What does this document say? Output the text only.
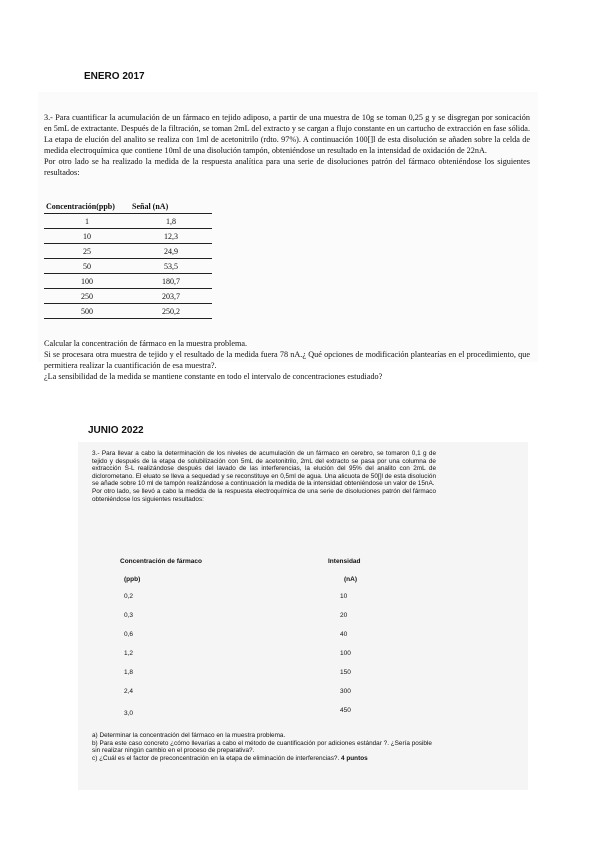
ENERO 2017

3.- Para cuantificar la acumulación de un fármaco en tejido adiposo, a partir de una muestra de 10g se toman 0,25 g y se disgregan por sonicación en 5mL de extractante. Después de la filtración, se toman 2mL del extracto y se cargan a flujo constante en un cartucho de extracción en fase sólida. La etapa de elución del analito se realiza con 1ml de acetonitrilo (rdto. 97%). A continuación 100[]l de esta disolución se añaden sobre la celda de medida electroquímica que contiene 10ml de una disolución tampón, obteniéndose un resultado en la intensidad de oxidación de 22nA.

Por otro lado se ha realizado la medida de la respuesta analítica para una serie de disoluciones patrón del fármaco obteniéndose los siguientes resultados:

Concentración(ppb)	Señal (nA)
1	1,8
10	12,3
25	24,9
50	53,5
100	180,7
250	203,7
500	250,2

Calcular la concentración de fármaco en la muestra problema.

Si se procesara otra muestra de tejido y el resultado de la medida fuera 78 nA.¿ Qué opciones de modificación plantearías en el procedimiento, que permitiera realizar la cuantificación de esa muestra?.

¿La sensibilidad de la medida se mantiene constante en todo el intervalo de concentraciones estudiado?

JUNIO 2022

3.- Para llevar a cabo la determinación de los niveles de acumulación de un fármaco en cerebro, se tomaron 0,1 g de tejido y después de la etapa de solubilización con 5mL de acetonitrilo, 2mL del extracto se pasa por una columna de extracción S-L realizándose después del lavado de las interferencias, la elución del 95% del analito con 2mL de diclorometano. El eluato se lleva a sequedad y se reconstituye en 0,5ml de agua. Una alicuota de 50[]l de esta disolución se añade sobre 10 ml de tampón realizándose a continuación la medida de la intensidad obteniéndose un valor de 15nA.

Por otro lado, se llevó a cabo la medida de la respuesta electroquímica de una serie de disoluciones patrón del fármaco obteniéndose los siguientes resultados:

Concentración de fármaco	Intensidad
(ppb)	(nA)
0,2	10
0,3	20
0,6	40
1,2	100
1,8	150
2,4	300
3,0	450

a) Determinar la concentración del fármaco en la muestra problema.

b) Para este caso concreto ¿cómo llevarías a cabo el método de cuantificación por adiciones estándar ?. ¿Sería posible sin realizar ningún cambio en el proceso de preparativa?.

c) ¿Cuál es el factor de preconcentración en la etapa de eliminación de interferencias?. 4 puntos
